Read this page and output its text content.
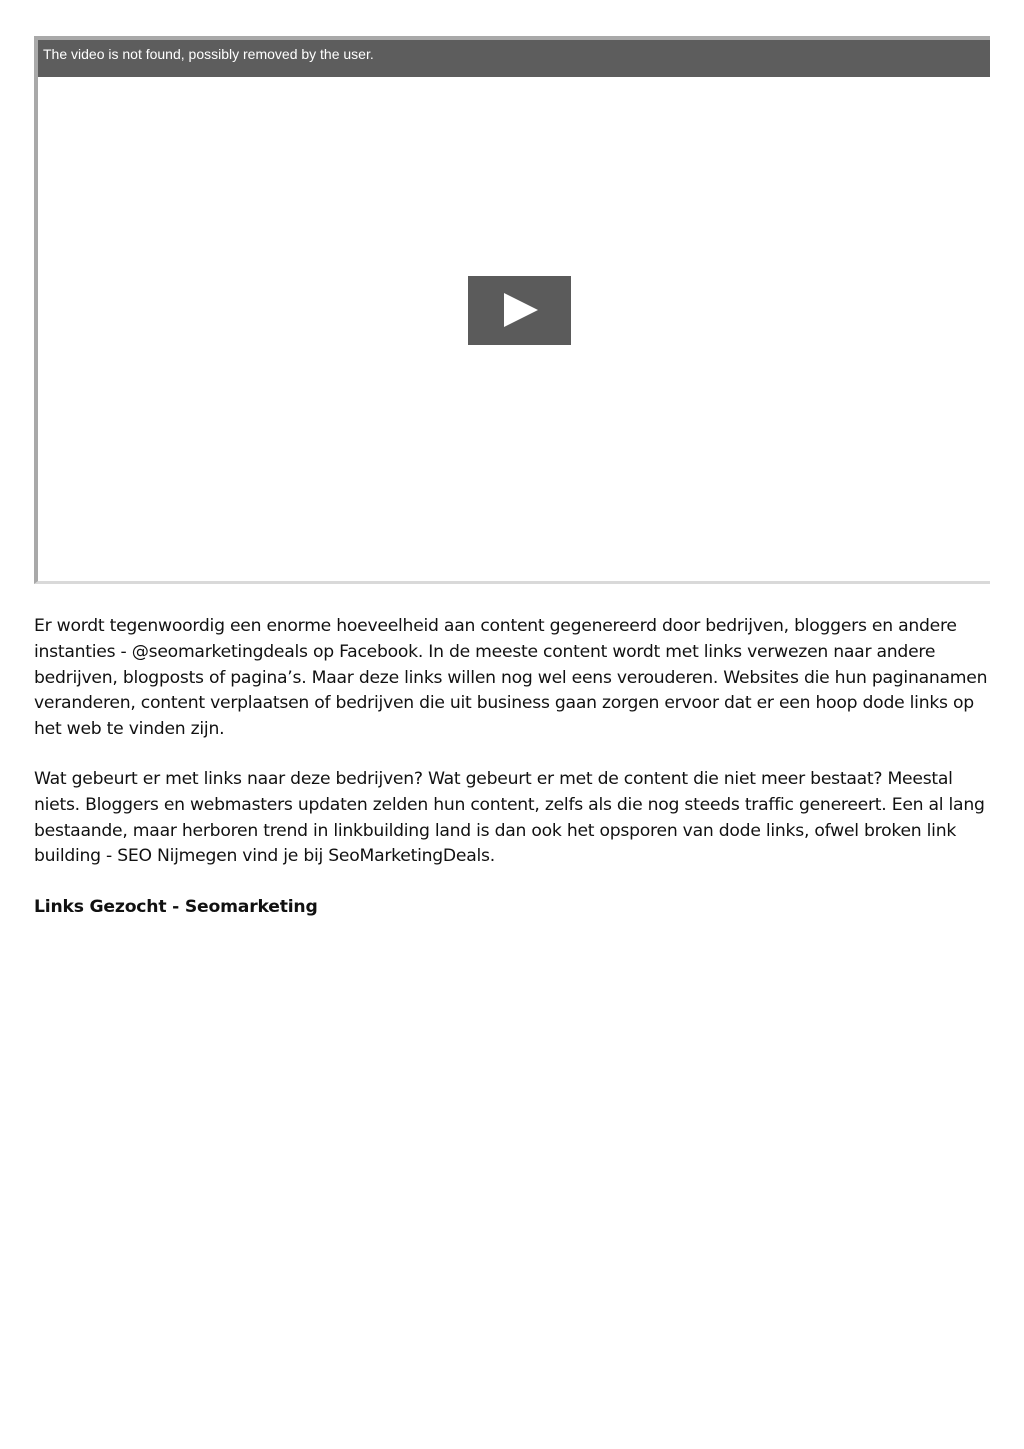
The video is not found, possibly removed by the user.

Er wordt tegenwoordig een enorme hoeveelheid aan content gegenereerd door bedrijven, bloggers en andere instanties - @seomarketingdeals op Facebook. In de meeste content wordt met links verwezen naar andere bedrijven, blogposts of pagina’s. Maar deze links willen nog wel eens verouderen. Websites die hun paginanamen veranderen, content verplaatsen of bedrijven die uit business gaan zorgen ervoor dat er een hoop dode links op het web te vinden zijn.

Wat gebeurt er met links naar deze bedrijven? Wat gebeurt er met de content die niet meer bestaat? Meestal niets. Bloggers en webmasters updaten zelden hun content, zelfs als die nog steeds traffic genereert. Een al lang bestaande, maar herboren trend in linkbuilding land is dan ook het opsporen van dode links, ofwel broken link building - SEO Nijmegen vind je bij SeoMarketingDeals.

Links Gezocht - Seomarketing
